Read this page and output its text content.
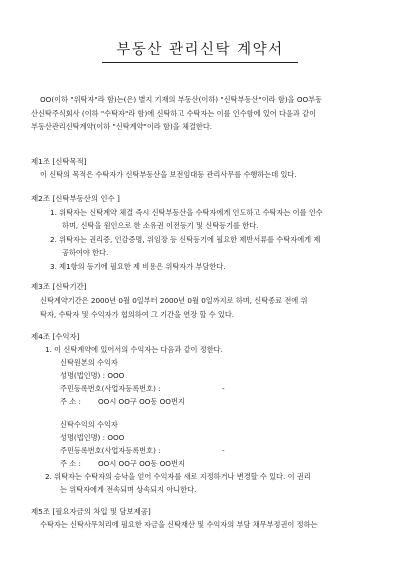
부동산 관리신탁 계약서
OO(이하 "위탁자"라 함)는(은) 별지 기재의 부동산(이하) "신탁부동산"이라 함)을 OO부동
산신탁주식회사 (이하 "수탁자"라 함)에 신탁하고 수탁자는 이를 인수함에 있어 다음과 같이
부동산관리신탁계약(이하 "신탁계약"이라 함)을 체결한다.
제1조 [신탁목적]
이 신탁의 목적은 수탁자가 신탁부동산을 보전임대등 관리사무를 수행하는데 있다.
제2조 [신탁부동산의 인수 ]
1. 위탁자는 신탁계약 체결 즉시 신탁부동산을 수탁자에게 인도하고 수탁자는 이를 인수
하며, 신탁을 원인으로 한 소유권 이전등기 및 신탁등기를 한다.
2. 위탁자는 권리증, 인감증명, 위임장 등 신탁등기에 필요한 제반서류를 수탁자에게 제
공하여야 한다.
3. 제1항의 등기에 필요한 제 비용은 위탁자가 부담한다.
제3조 [신탁기간]
신탁계약기간은 2000년 0월 0일부터 2000년 0월 0일까지로 하며, 신탁종료 전에 위
탁자, 수탁자 및 수익자가 협의하여 그 기간을 연장 할 수 있다.
제4조 [수익자]
1. 이 신탁계약에 있어서의 수익자는 다음과 같이 정한다.
신탁원본의 수익자
성명(법인명) : OOO
주민등록번호(사업자등록번호) :	-
주 소 : OO시 OO구 OO동 OO번지
신탁수익의 수익자
성명(법인명) : OOO
주민등록번호(사업자등록번호) :	-
주 소 : OO시 OO구 OO동 OO번지
2. 위탁자는 수탁자의 승낙을 얻어 수익자를 새로 지정하거나 변경할 수 있다. 이 권리
는 위탁자에게 전속되며 상속되지 아니한다.
제5조 [필요자금의 차입 및 담보제공]
수탁자는 신탁사무처리에 필요한 자금을 신탁재산 및 수익자의 부담 채무부정권이 정하는
